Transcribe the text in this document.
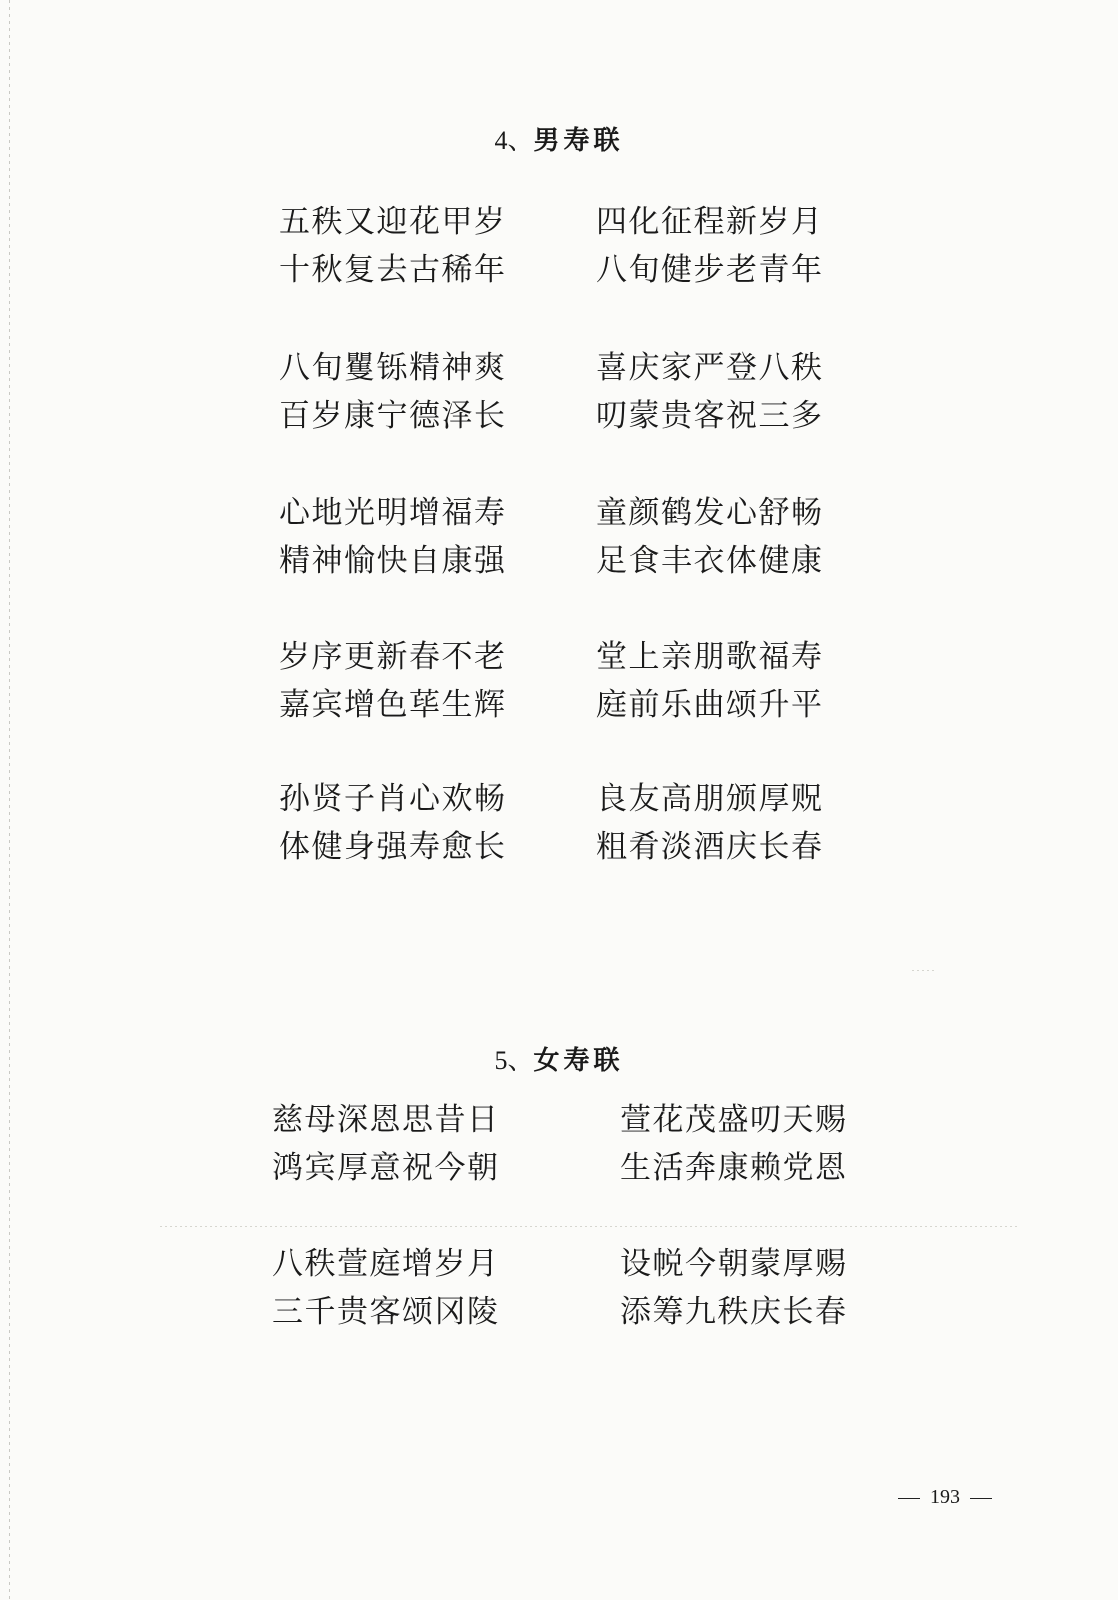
4、男寿联
五秩又迎花甲岁
十秋复去古稀年
四化征程新岁月
八旬健步老青年
八旬矍铄精神爽
百岁康宁德泽长
喜庆家严登八秩
叨蒙贵客祝三多
心地光明增福寿
精神愉快自康强
童颜鹤发心舒畅
足食丰衣体健康
岁序更新春不老
嘉宾增色荜生辉
堂上亲朋歌福寿
庭前乐曲颂升平
孙贤子肖心欢畅
体健身强寿愈长
良友高朋颁厚贶
粗肴淡酒庆长春
5、女寿联
慈母深恩思昔日
鸿宾厚意祝今朝
萱花茂盛叨天赐
生活奔康赖党恩
八秩萱庭增岁月
三千贵客颂冈陵
设帨今朝蒙厚赐
添筹九秩庆长春
193
